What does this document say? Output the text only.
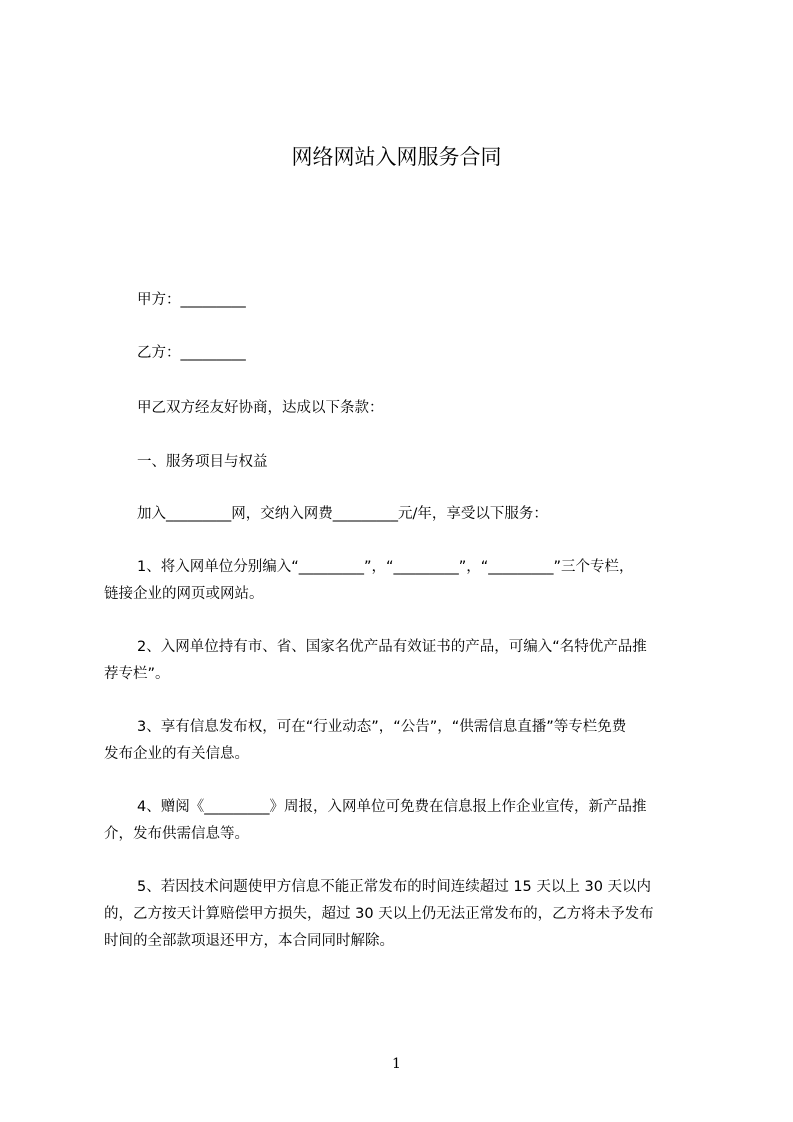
网络网站入网服务合同
甲方：_________
乙方：_________
甲乙双方经友好协商，达成以下条款：
一、服务项目与权益
加入_________网，交纳入网费_________元/年，享受以下服务：
1、将入网单位分别编入“_________”，“_________”，“_________”三个专栏，
链接企业的网页或网站。
2、入网单位持有市、省、国家名优产品有效证书的产品，可编入“名特优产品推
荐专栏”。
3、享有信息发布权，可在“行业动态”，“公告”，“供需信息直播”等专栏免费
发布企业的有关信息。
4、赠阅《_________》周报，入网单位可免费在信息报上作企业宣传，新产品推
介，发布供需信息等。
5、若因技术问题使甲方信息不能正常发布的时间连续超过 15 天以上 30 天以内
的，乙方按天计算赔偿甲方损失，超过 30 天以上仍无法正常发布的，乙方将未予发布
时间的全部款项退还甲方，本合同同时解除。
1
